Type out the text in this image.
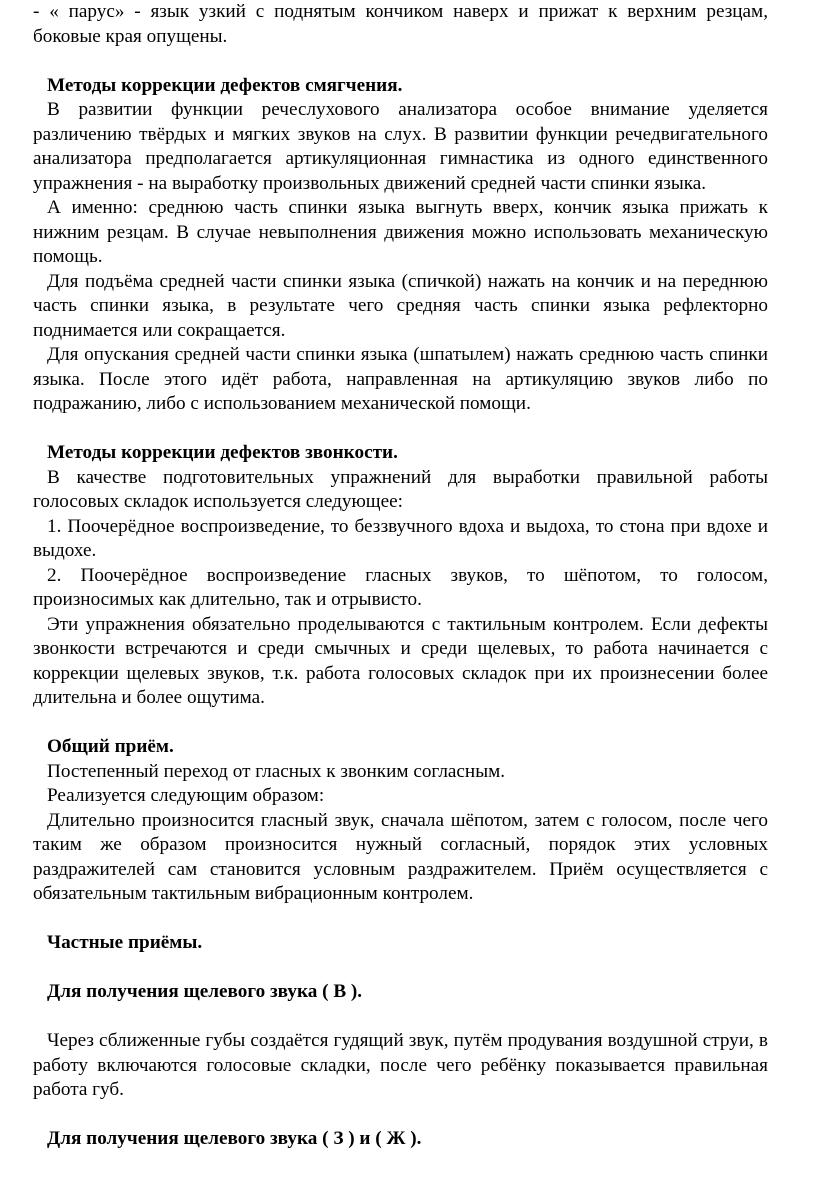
- « парус» - язык узкий с поднятым кончиком наверх и прижат к верхним резцам, боковые края опущены.

Методы коррекции дефектов смягчения.

В развитии функции речеслухового анализатора особое внимание уделяется различению твёрдых и мягких звуков на слух. В развитии функции речедвигательного анализатора предполагается артикуляционная гимнастика из одного единственного упражнения - на выработку произвольных движений средней части спинки языка.

А именно: среднюю часть спинки языка выгнуть вверх, кончик языка прижать к нижним резцам. В случае невыполнения движения можно использовать механическую помощь.

Для подъёма средней части спинки языка (спичкой) нажать на кончик и на переднюю часть спинки языка, в результате чего средняя часть спинки языка рефлекторно поднимается или сокращается.

Для опускания средней части спинки языка (шпатылем) нажать среднюю часть спинки языка. После этого идёт работа, направленная на артикуляцию звуков либо по подражанию, либо с использованием механической помощи.

Методы коррекции дефектов звонкости.

В качестве подготовительных упражнений для выработки правильной работы голосовых складок используется следующее:

1. Поочерёдное воспроизведение, то беззвучного вдоха и выдоха, то стона при вдохе и выдохе.

2. Поочерёдное воспроизведение гласных звуков, то шёпотом, то голосом, произносимых как длительно, так и отрывисто.

Эти упражнения обязательно проделываются с тактильным контролем. Если дефекты звонкости встречаются и среди смычных и среди щелевых, то работа начинается с коррекции щелевых звуков, т.к. работа голосовых складок при их произнесении более длительна и более ощутима.

Общий приём.

Постепенный переход от гласных к звонким согласным.

Реализуется следующим образом:

Длительно произносится гласный звук, сначала шёпотом, затем с голосом, после чего таким же образом произносится нужный согласный, порядок этих условных раздражителей сам становится условным раздражителем. Приём осуществляется с обязательным тактильным вибрационным контролем.

Частные приёмы.

Для получения щелевого звука ( В ).

Через сближенные губы создаётся гудящий звук, путём продувания воздушной струи, в работу включаются голосовые складки, после чего ребёнку показывается правильная работа губ.

Для получения щелевого звука ( З ) и ( Ж ).
